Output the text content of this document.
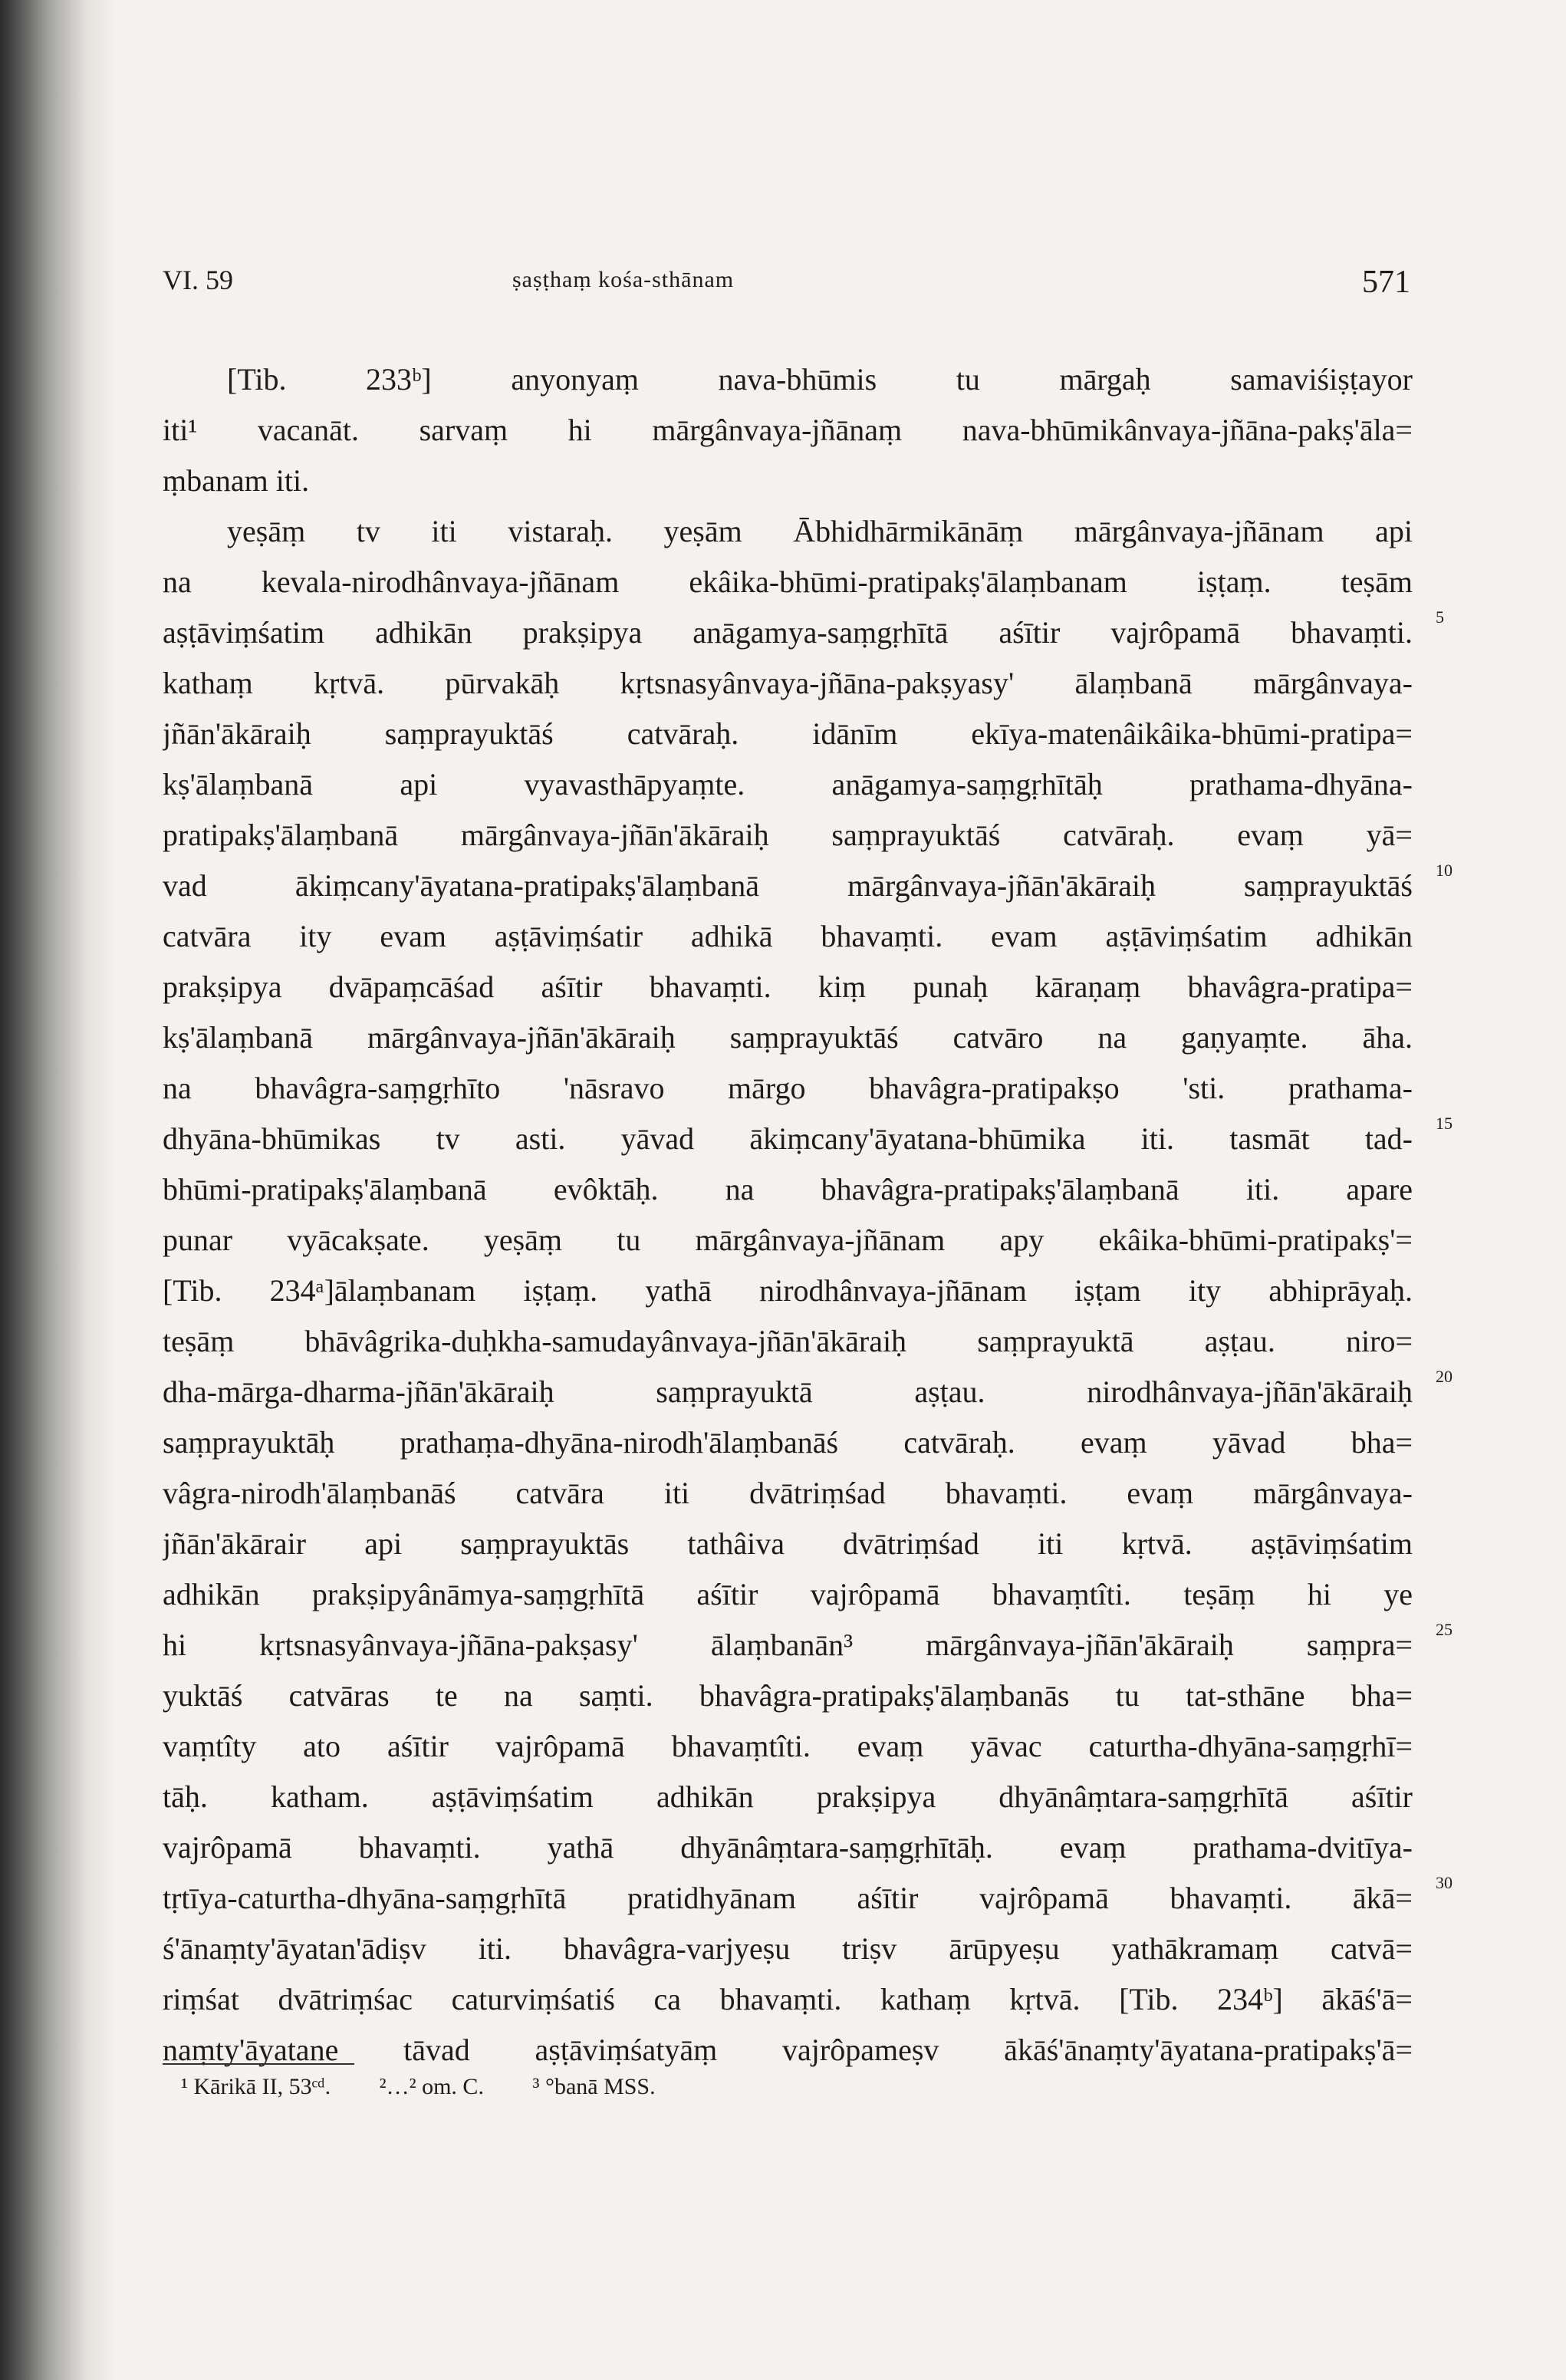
VI. 59	ṣaṣṭhaṃ kośa-sthānam	571
[Tib. 233ᵇ] anyonyaṃ nava-bhūmis tu mārgaḥ samaviśiṣṭayor
iti¹ vacanāt. sarvaṃ hi mārgânvaya-jñānaṃ nava-bhūmikânvaya-jñāna-pakṣ'āla=
ṃbanam iti.
yeṣāṃ tv iti vistaraḥ. yeṣām Ābhidhārmikānāṃ mārgânvaya-jñānam api
na kevala-nirodhânvaya-jñānam ekâika-bhūmi-pratipakṣ'ālaṃbanam iṣṭaṃ. teṣām
aṣṭāviṃśatim adhikān prakṣipya anāgamya-saṃgṛhītā aśītir vajrôpamā bhavaṃti.
kathaṃ kṛtvā. pūrvakāḥ kṛtsnasyânvaya-jñāna-pakṣyasy' ālaṃbanā mārgânvaya-
jñān'ākāraiḥ saṃprayuktāś catvāraḥ. idānīm ekīya-matenâikâika-bhūmi-pratipa=
kṣ'ālaṃbanā api vyavasthāpyaṃte. anāgamya-saṃgṛhītāḥ prathama-dhyāna-
pratipakṣ'ālaṃbanā mārgânvaya-jñān'ākāraiḥ saṃprayuktāś catvāraḥ. evaṃ yā=
vad ākiṃcany'āyatana-pratipakṣ'ālaṃbanā mārgânvaya-jñān'ākāraiḥ saṃprayuktāś
catvāra ity evam aṣṭāviṃśatir adhikā bhavaṃti. evam aṣṭāviṃśatim adhikān
prakṣipya dvāpaṃcāśad aśītir bhavaṃti. kiṃ punaḥ kāraṇaṃ bhavâgra-pratipa=
kṣ'ālaṃbanā mārgânvaya-jñān'ākāraiḥ saṃprayuktāś catvāro na gaṇyaṃte. āha.
na bhavâgra-saṃgṛhīto 'nāsravo mārgo bhavâgra-pratipakṣo 'sti. prathama-
dhyāna-bhūmikas tv asti. yāvad ākiṃcany'āyatana-bhūmika iti. tasmāt tad-
bhūmi-pratipakṣ'ālaṃbanā evôktāḥ. na bhavâgra-pratipakṣ'ālaṃbanā iti. apare
punar vyācakṣate. yeṣāṃ tu mārgânvaya-jñānam apy ekâika-bhūmi-pratipakṣ'=
[Tib. 234ᵃ]ālaṃbanam iṣṭaṃ. yathā nirodhânvaya-jñānam iṣṭam ity abhiprāyaḥ.
teṣāṃ bhāvâgrika-duḥkha-samudayânvaya-jñān'ākāraiḥ saṃprayuktā aṣṭau. niro=
dha-mārga-dharma-jñān'ākāraiḥ saṃprayuktā aṣṭau. nirodhânvaya-jñān'ākāraiḥ
saṃprayuktāḥ prathaṃa-dhyāna-nirodh'ālaṃbanāś catvāraḥ. evaṃ yāvad bha=
vâgra-nirodh'ālaṃbanāś catvāra iti dvātriṃśad bhavaṃti. evaṃ mārgânvaya-
jñān'ākārair api saṃprayuktās tathâiva dvātriṃśad iti kṛtvā. aṣṭāviṃśatim
adhikān prakṣipyânāmya-saṃgṛhītā aśītir vajrôpamā bhavaṃtîti. teṣāṃ hi ye
hi kṛtsnasyânvaya-jñāna-pakṣasy' ālaṃbanān³ mārgânvaya-jñān'ākāraiḥ saṃpra=
yuktāś catvāras te na saṃti. bhavâgra-pratipakṣ'ālaṃbanās tu tat-sthāne bha=
vaṃtîty ato aśītir vajrôpamā bhavaṃtîti. evaṃ yāvac caturtha-dhyāna-saṃgṛhī=
tāḥ. katham. aṣṭāviṃśatim adhikān prakṣipya dhyānâṃtara-saṃgṛhītā aśītir
vajrôpamā bhavaṃti. yathā dhyānâṃtara-saṃgṛhītāḥ. evaṃ prathama-dvitīya-
tṛtīya-caturtha-dhyāna-saṃgṛhītā pratidhyānam aśītir vajrôpamā bhavaṃti. ākā=
ś'ānaṃty'āyatan'ādiṣv iti. bhavâgra-varjyeṣu triṣv ārūpyeṣu yathākramaṃ catvā=
riṃśat dvātriṃśac caturviṃśatiś ca bhavaṃti. kathaṃ kṛtvā. [Tib. 234ᵇ] ākāś'ā=
naṃty'āyatane tāvad aṣṭāviṃśatyāṃ vajrôpameṣv ākāś'ānaṃty'āyatana-pratipakṣ'ā=
5
10
15
20
25
30
¹ Kārikā II, 53ᶜᵈ. ²…² om. C. ³ °banā MSS.
